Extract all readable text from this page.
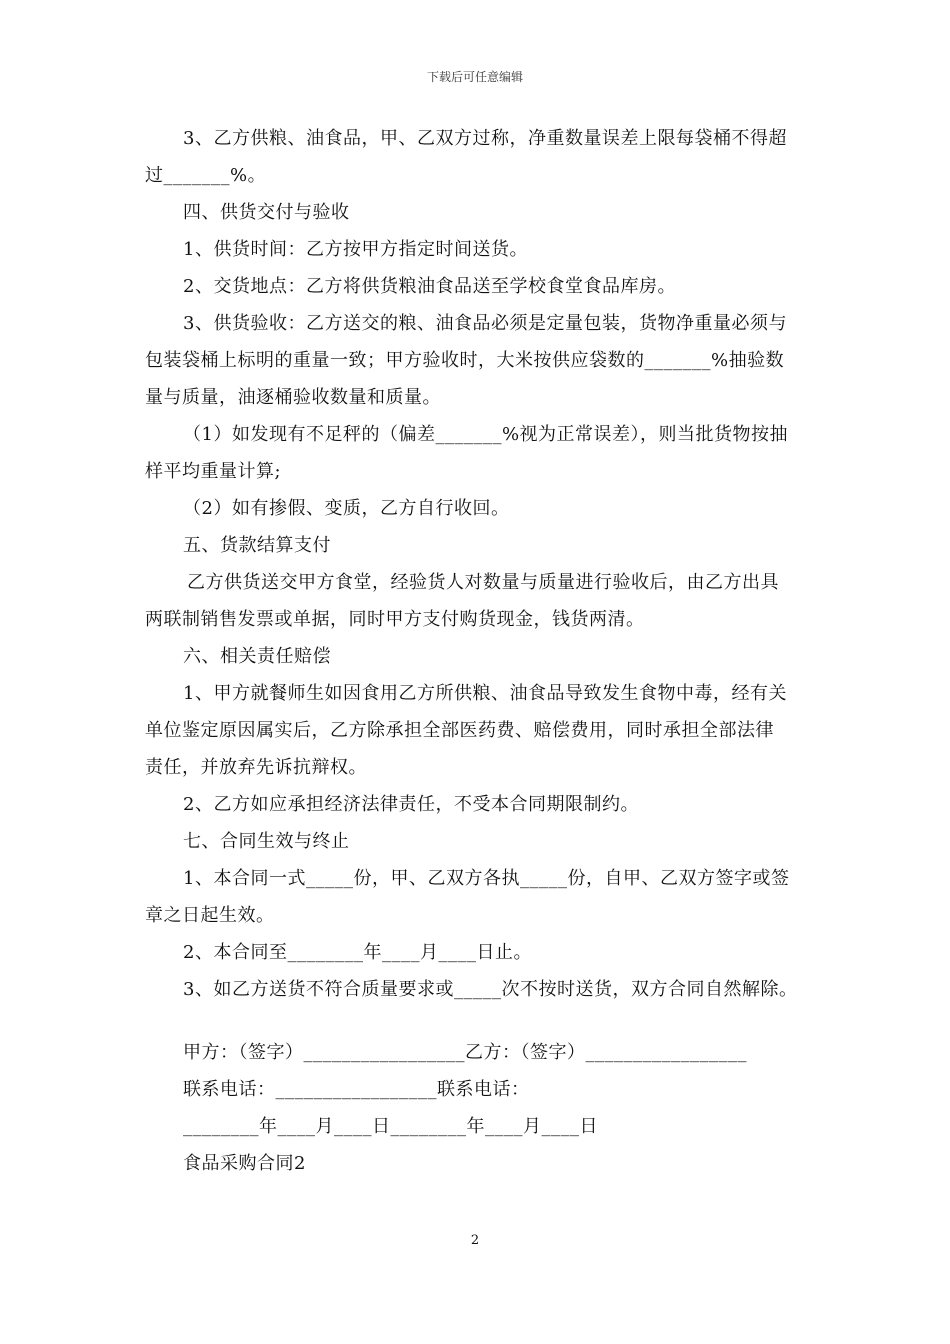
下载后可任意编辑
3、乙方供粮、油食品，甲、乙双方过称，净重数量误差上限每袋桶不得超
过_______%。
四、供货交付与验收
1、供货时间：乙方按甲方指定时间送货。
2、交货地点：乙方将供货粮油食品送至学校食堂食品库房。
3、供货验收：乙方送交的粮、油食品必须是定量包装，货物净重量必须与
包装袋桶上标明的重量一致；甲方验收时，大米按供应袋数的_______%抽验数
量与质量，油逐桶验收数量和质量。
（1）如发现有不足秤的（偏差_______%视为正常误差），则当批货物按抽
样平均重量计算;
（2）如有掺假、变质，乙方自行收回。
五、货款结算支付
乙方供货送交甲方食堂，经验货人对数量与质量进行验收后，由乙方出具
两联制销售发票或单据，同时甲方支付购货现金，钱货两清。
六、相关责任赔偿
1、甲方就餐师生如因食用乙方所供粮、油食品导致发生食物中毒，经有关
单位鉴定原因属实后，乙方除承担全部医药费、赔偿费用，同时承担全部法律
责任，并放弃先诉抗辩权。
2、乙方如应承担经济法律责任，不受本合同期限制约。
七、合同生效与终止
1、本合同一式_____份，甲、乙双方各执_____份，自甲、乙双方签字或签
章之日起生效。
2、本合同至________年____月____日止。
3、如乙方送货不符合质量要求或_____次不按时送货，双方合同自然解除。
甲方：（签字）_________________乙方：（签字）_________________
联系电话：_________________联系电话：
________年____月____日________年____月____日
食品采购合同2
2
